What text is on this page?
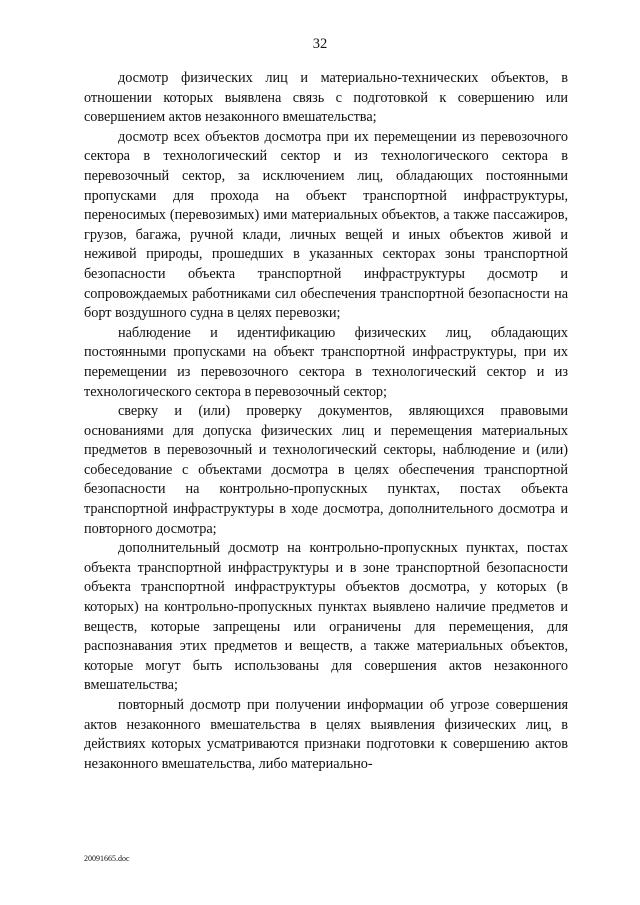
32

досмотр физических лиц и материально-технических объектов, в отношении которых выявлена связь с подготовкой к совершению или совершением актов незаконного вмешательства;

досмотр всех объектов досмотра при их перемещении из перевозочного сектора в технологический сектор и из технологического сектора в перевозочный сектор, за исключением лиц, обладающих постоянными пропусками для прохода на объект транспортной инфраструктуры, переносимых (перевозимых) ими материальных объектов, а также пассажиров, грузов, багажа, ручной клади, личных вещей и иных объектов живой и неживой природы, прошедших в указанных секторах зоны транспортной безопасности объекта транспортной инфраструктуры досмотр и сопровождаемых работниками сил обеспечения транспортной безопасности на борт воздушного судна в целях перевозки;

наблюдение и идентификацию физических лиц, обладающих постоянными пропусками на объект транспортной инфраструктуры, при их перемещении из перевозочного сектора в технологический сектор и из технологического сектора в перевозочный сектор;

сверку и (или) проверку документов, являющихся правовыми основаниями для допуска физических лиц и перемещения материальных предметов в перевозочный и технологический секторы, наблюдение и (или) собеседование с объектами досмотра в целях обеспечения транспортной безопасности на контрольно-пропускных пунктах, постах объекта транспортной инфраструктуры в ходе досмотра, дополнительного досмотра и повторного досмотра;

дополнительный досмотр на контрольно-пропускных пунктах, постах объекта транспортной инфраструктуры и в зоне транспортной безопасности объекта транспортной инфраструктуры объектов досмотра, у которых (в которых) на контрольно-пропускных пунктах выявлено наличие предметов и веществ, которые запрещены или ограничены для перемещения, для распознавания этих предметов и веществ, а также материальных объектов, которые могут быть использованы для совершения актов незаконного вмешательства;

повторный досмотр при получении информации об угрозе совершения актов незаконного вмешательства в целях выявления физических лиц, в действиях которых усматриваются признаки подготовки к совершению актов незаконного вмешательства, либо материально-

20091665.doc
